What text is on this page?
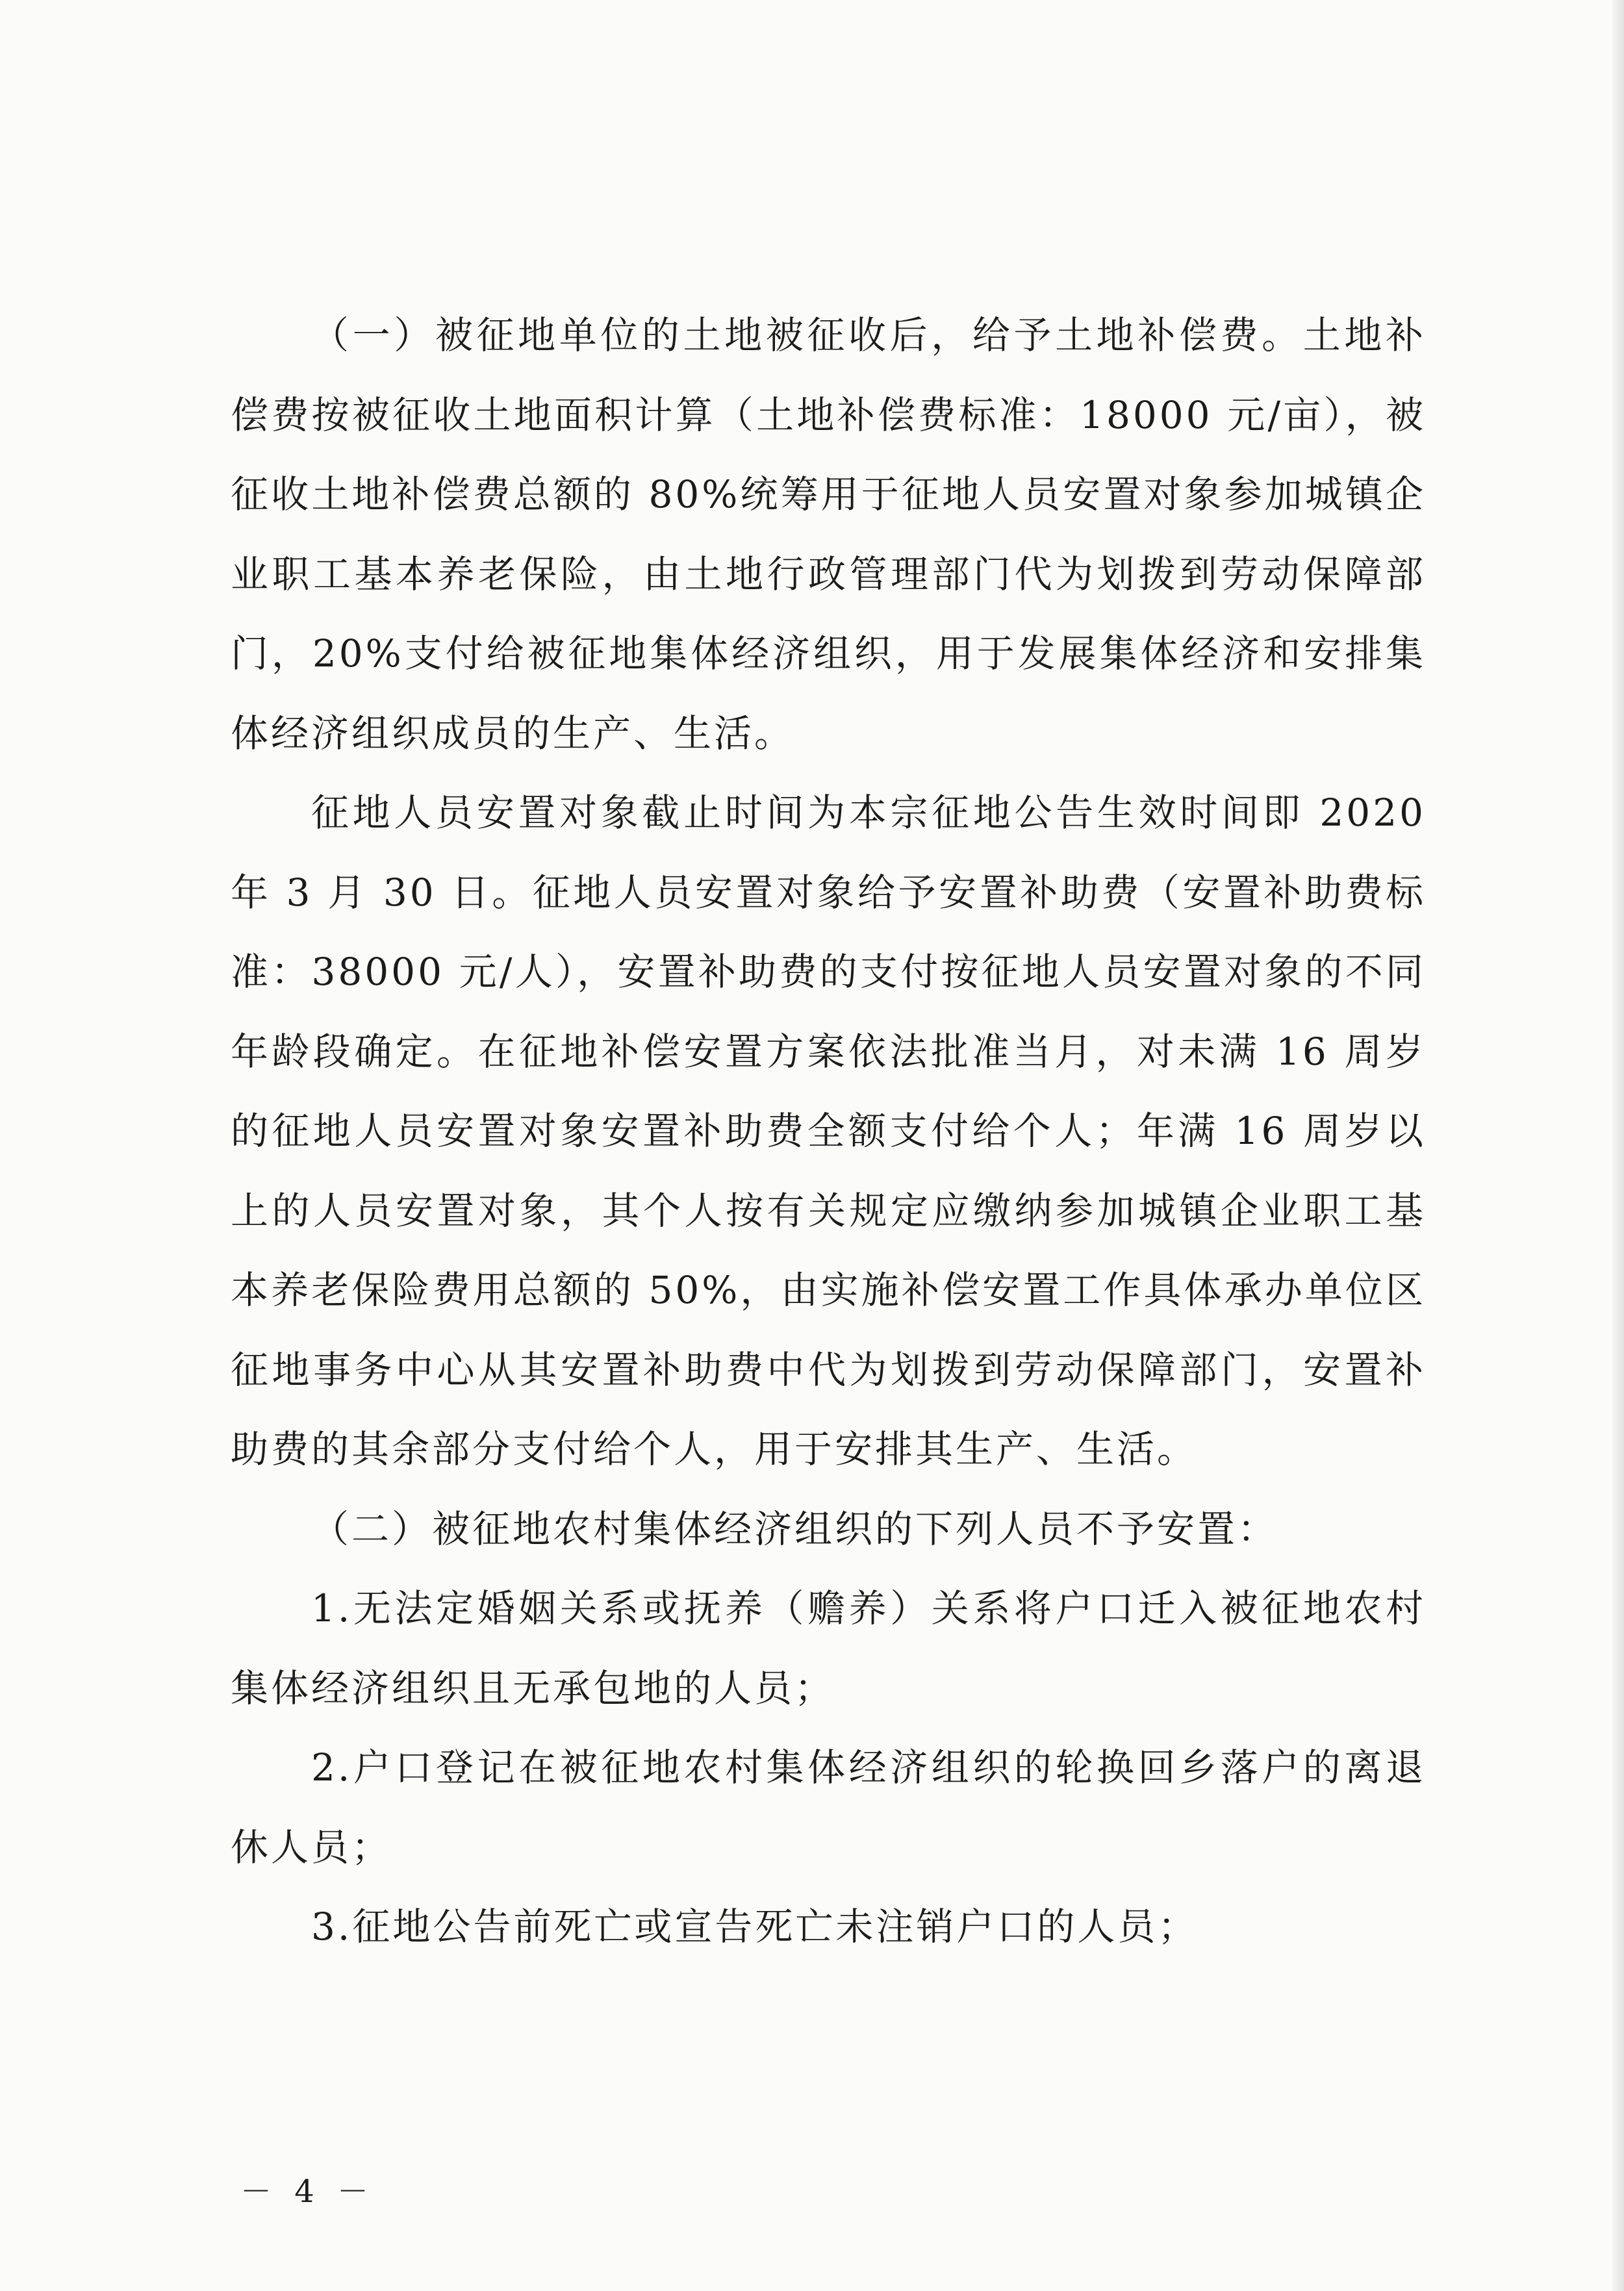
（一）被征地单位的土地被征收后，给予土地补偿费。土地补偿费按被征收土地面积计算（土地补偿费标准：18000 元/亩），被征收土地补偿费总额的 80%统筹用于征地人员安置对象参加城镇企业职工基本养老保险，由土地行政管理部门代为划拨到劳动保障部门，20%支付给被征地集体经济组织，用于发展集体经济和安排集体经济组织成员的生产、生活。

征地人员安置对象截止时间为本宗征地公告生效时间即 2020 年 3 月 30 日。征地人员安置对象给予安置补助费（安置补助费标准：38000 元/人），安置补助费的支付按征地人员安置对象的不同年龄段确定。在征地补偿安置方案依法批准当月，对未满 16 周岁的征地人员安置对象安置补助费全额支付给个人；年满 16 周岁以上的人员安置对象，其个人按有关规定应缴纳参加城镇企业职工基本养老保险费用总额的 50%，由实施补偿安置工作具体承办单位区征地事务中心从其安置补助费中代为划拨到劳动保障部门，安置补助费的其余部分支付给个人，用于安排其生产、生活。

（二）被征地农村集体经济组织的下列人员不予安置：

1.无法定婚姻关系或抚养（赡养）关系将户口迁入被征地农村集体经济组织且无承包地的人员；

2.户口登记在被征地农村集体经济组织的轮换回乡落户的离退休人员；

3.征地公告前死亡或宣告死亡未注销户口的人员；

－ 4 －
